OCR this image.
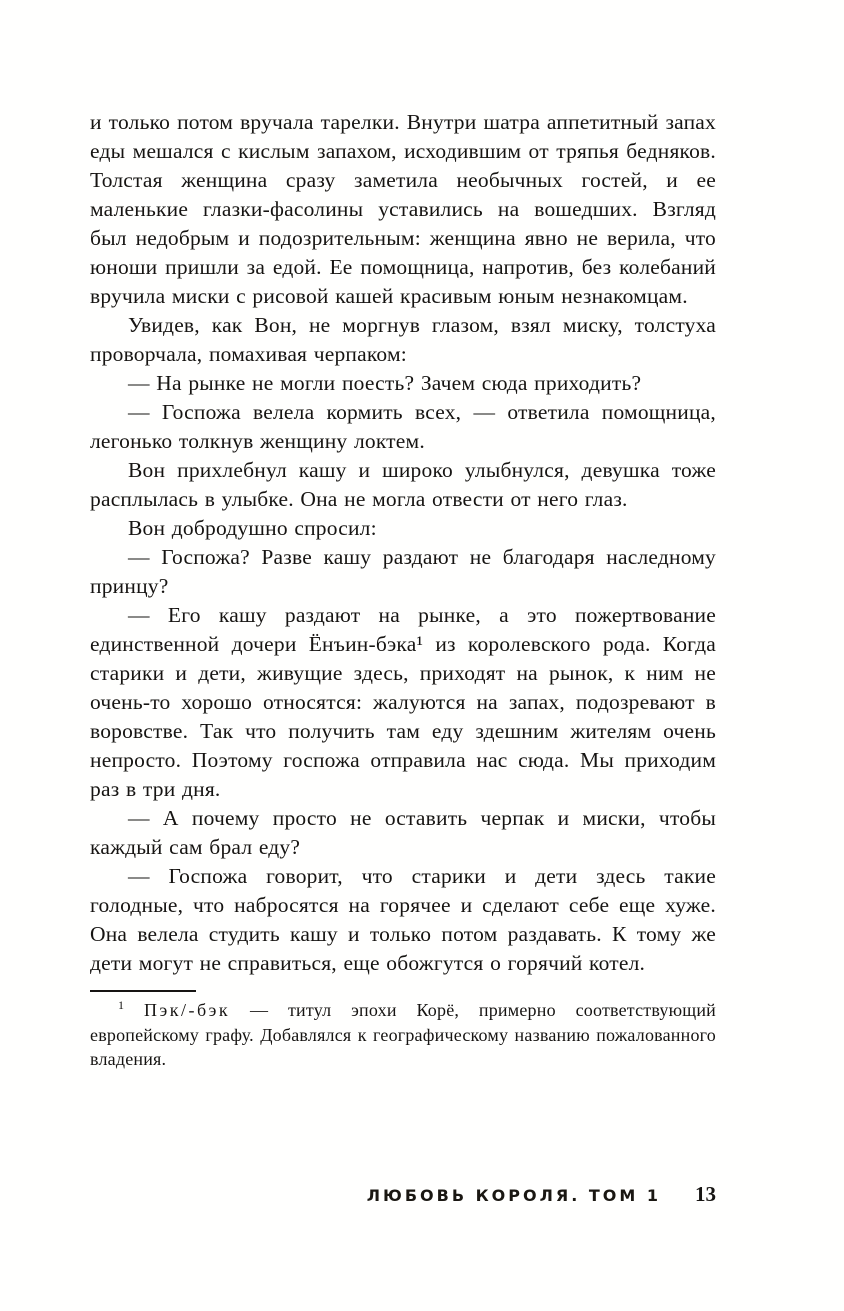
и только потом вручала тарелки. Внутри шатра аппетитный запах еды мешался с кислым запахом, исходившим от тряпья бедняков. Толстая женщина сразу заметила необычных гостей, и ее маленькие глазки-фасолины уставились на вошедших. Взгляд был недобрым и подозрительным: женщина явно не верила, что юноши пришли за едой. Ее помощница, напротив, без колебаний вручила миски с рисовой кашей красивым юным незнакомцам.

Увидев, как Вон, не моргнув глазом, взял миску, толстуха проворчала, помахивая черпаком:

— На рынке не могли поесть? Зачем сюда приходить?

— Госпожа велела кормить всех, — ответила помощница, легонько толкнув женщину локтем.

Вон прихлебнул кашу и широко улыбнулся, девушка тоже расплылась в улыбке. Она не могла отвести от него глаз.

Вон добродушно спросил:

— Госпожа? Разве кашу раздают не благодаря наследному принцу?

— Его кашу раздают на рынке, а это пожертвование единственной дочери Ёнъин-бэка¹ из королевского рода. Когда старики и дети, живущие здесь, приходят на рынок, к ним не очень-то хорошо относятся: жалуются на запах, подозревают в воровстве. Так что получить там еду здешним жителям очень непросто. Поэтому госпожа отправила нас сюда. Мы приходим раз в три дня.

— А почему просто не оставить черпак и миски, чтобы каждый сам брал еду?

— Госпожа говорит, что старики и дети здесь такие голодные, что набросятся на горячее и сделают себе еще хуже. Она велела студить кашу и только потом раздавать. К тому же дети могут не справиться, еще обожгутся о горячий котел.

$^1$ Пэк/-бэк — титул эпохи Корё, примерно соответствующий европейскому графу. Добавлялся к географическому названию пожалованного владения.

ЛЮБОВЬ КОРОЛЯ. ТОМ 1 13
